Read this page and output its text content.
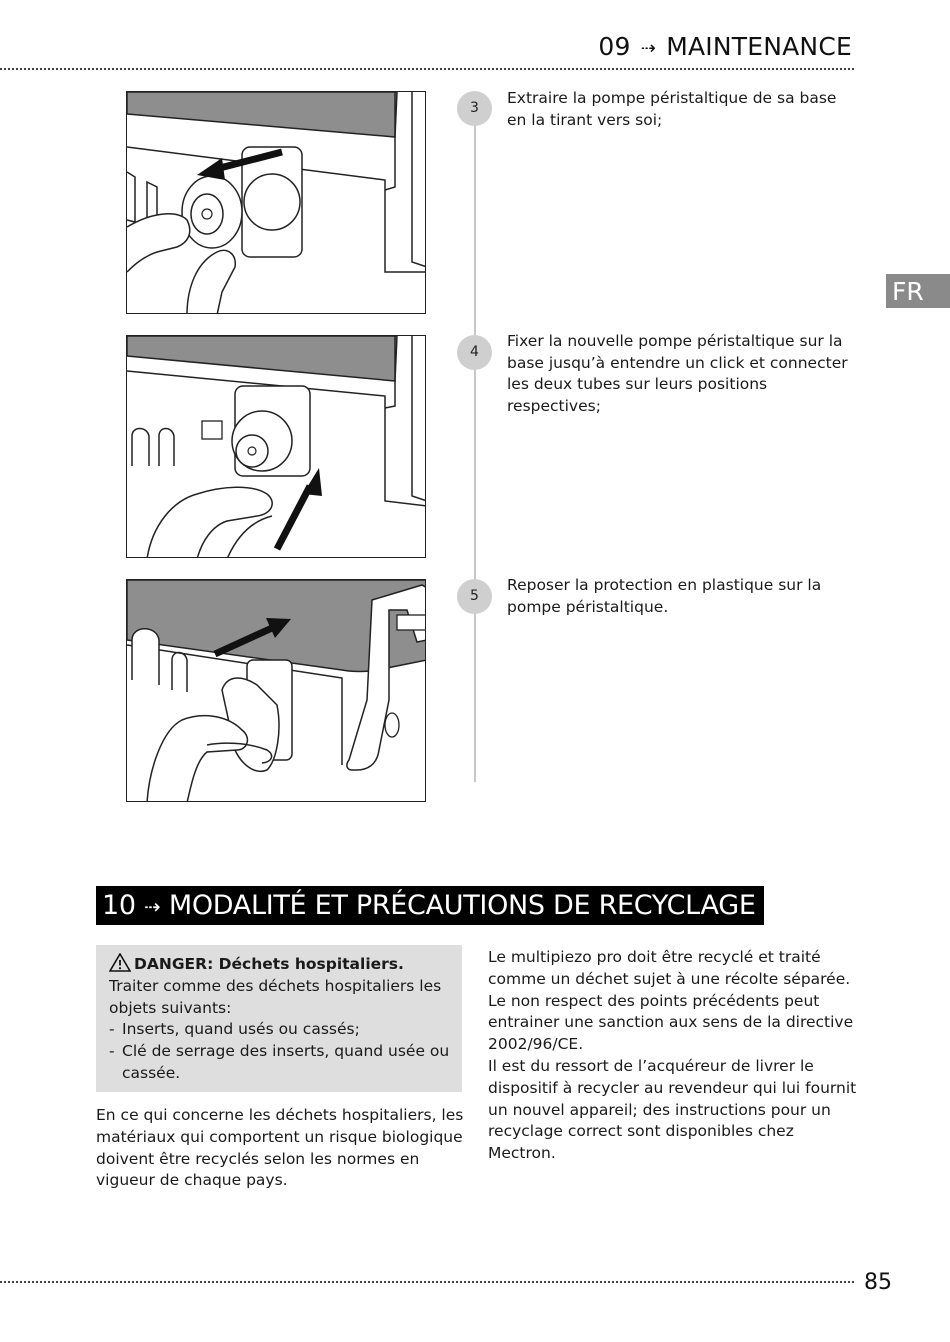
09 ⇢ MAINTENANCE
FR
3
Extraire la pompe péristaltique de sa base en la tirant vers soi;
4
Fixer la nouvelle pompe péristaltique sur la base jusqu’à entendre un click et connecter les deux tubes sur leurs positions respectives;
5
Reposer la protection en plastique sur la pompe péristaltique.
10 ⇢ MODALITÉ ET PRÉCAUTIONS DE RECYCLAGE
DANGER: Déchets hospitaliers.
Traiter comme des déchets hospitaliers les objets suivants:
- Inserts, quand usés ou cassés;
- Clé de serrage des inserts, quand usée ou cassée.
En ce qui concerne les déchets hospitaliers, les matériaux qui comportent un risque biologique doivent être recyclés selon les normes en vigueur de chaque pays.
Le multipiezo pro doit être recyclé et traité comme un déchet sujet à une récolte séparée. Le non respect des points précédents peut entrainer une sanction aux sens de la directive 2002/96/CE.
Il est du ressort de l’acquéreur de livrer le dispositif à recycler au revendeur qui lui fournit un nouvel appareil; des instructions pour un recyclage correct sont disponibles chez Mectron.
85
